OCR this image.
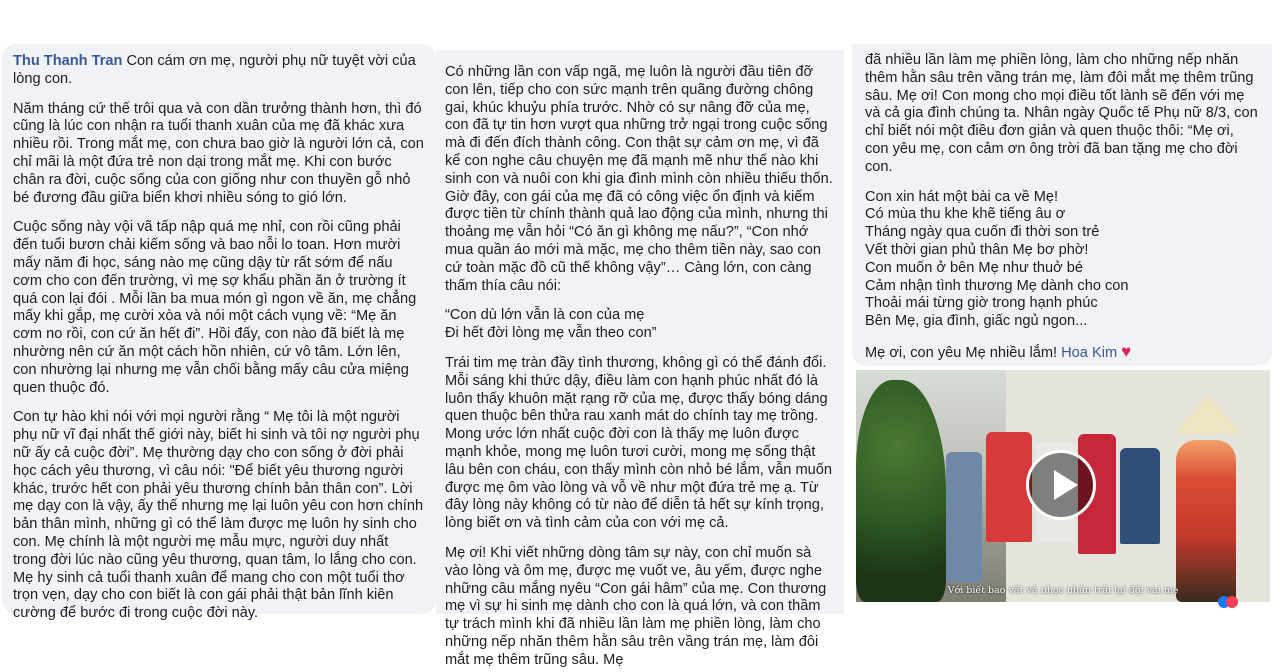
Thu Thanh Tran Con cám ơn mẹ, người phụ nữ tuyệt vời của lòng con.

Năm tháng cứ thế trôi qua và con dần trưởng thành hơn, thì đó cũng là lúc con nhận ra tuổi thanh xuân của mẹ đã khác xưa nhiều rồi. Trong mắt mẹ, con chưa bao giờ là người lớn cả, con chỉ mãi là một đứa trẻ non dại trong mắt mẹ. Khi con bước chân ra đời, cuộc sống của con giống như con thuyền gỗ nhỏ bé đương đầu giữa biển khơi nhiều sóng to gió lớn.

Cuộc sống này vội vã tấp nập quá mẹ nhỉ, con rồi cũng phải đến tuổi bươn chải kiếm sống và bao nỗi lo toan. Hơn mười mấy năm đi học, sáng nào mẹ cũng dậy từ rất sớm để nấu cơm cho con đến trường, vì mẹ sợ khẩu phần ăn ở trường ít quá con lại đói . Mỗi lần ba mua món gì ngon về ăn, mẹ chẳng mấy khi gắp, mẹ cười xòa và nói một cách vụng về: “Mẹ ăn cơm no rồi, con cứ ăn hết đi”. Hồi đấy, con nào đã biết là mẹ nhường nên cứ ăn một cách hồn nhiên, cứ vô tâm. Lớn lên, con nhường lại nhưng mẹ vẫn chối bằng mấy câu cửa miệng quen thuộc đó.

Con tự hào khi nói với mọi người rằng “ Mẹ tôi là một người phụ nữ vĩ đại nhất thế giới này, biết hi sinh và tôi nợ người phụ nữ ấy cả cuộc đời”. Mẹ thường dạy cho con sống ở đời phải học cách yêu thương, vì câu nói: "Để biết yêu thương người khác, trước hết con phải yêu thương chính bản thân con”. Lời mẹ dạy con là vậy, ấy thế nhưng mẹ lại luôn yêu con hơn chính bản thân mình, những gì có thể làm được mẹ luôn hy sinh cho con. Mẹ chính là một người mẹ mẫu mực, người duy nhất trong đời lúc nào cũng yêu thương, quan tâm, lo lắng cho con. Mẹ hy sinh cả tuổi thanh xuân để mang cho con một tuổi thơ trọn vẹn, dạy cho con biết là con gái phải thật bản lĩnh kiên cường để bước đi trong cuộc đời này.

Có những lần con vấp ngã, mẹ luôn là người đầu tiên đỡ con lên, tiếp cho con sức mạnh trên quãng đường chông gai, khúc khuỷu phía trước. Nhờ có sự nâng đỡ của mẹ, con đã tự tin hơn vượt qua những trở ngại trong cuộc sống mà đi đến đích thành công. Con thật sự cảm ơn mẹ, vì đã kể con nghe câu chuyện mẹ đã mạnh mẽ như thế nào khi sinh con và nuôi con khi gia đình mình còn nhiều thiếu thốn. Giờ đây, con gái của mẹ đã có công việc ổn định và kiếm được tiền từ chính thành quả lao động của mình, nhưng thi thoảng mẹ vẫn hỏi “Có ăn gì không mẹ nấu?”, “Con nhớ mua quần áo mới mà mặc, mẹ cho thêm tiền này, sao con cứ toàn mặc đồ cũ thế không vậy”… Càng lớn, con càng thấm thía câu nói:

“Con dù lớn vẫn là con của mẹ
Đi hết đời lòng mẹ vẫn theo con”

Trái tim mẹ tràn đầy tình thương, không gì có thể đánh đổi. Mỗi sáng khi thức dậy, điều làm con hạnh phúc nhất đó là luôn thấy khuôn mặt rạng rỡ của mẹ, được thấy bóng dáng quen thuộc bên thửa rau xanh mát do chính tay mẹ trồng. Mong ước lớn nhất cuộc đời con là thấy mẹ luôn được mạnh khỏe, mong mẹ luôn tươi cười, mong mẹ sống thật lâu bên con cháu, con thấy mình còn nhỏ bé lắm, vẫn muốn được mẹ ôm vào lòng và vỗ về như một đứa trẻ mẹ ạ. Từ đây lòng này không có từ nào để diễn tả hết sự kính trọng, lòng biết ơn và tình cảm của con với mẹ cả.

Mẹ ơi! Khi viết những dòng tâm sự này, con chỉ muốn sà vào lòng và ôm mẹ, được mẹ vuốt ve, âu yếm, được nghe những câu mắng nyêu “Con gái hâm” của mẹ. Con thương mẹ vì sự hi sinh mẹ dành cho con là quá lớn, và con thầm tự trách mình khi đã nhiều lần làm mẹ phiền lòng, làm cho những nếp nhăn thêm hằn sâu trên vầng trán mẹ, làm đôi mắt mẹ thêm trũng sâu. Mẹ

đã nhiều lần làm mẹ phiền lòng, làm cho những nếp nhăn thêm hằn sâu trên vầng trán mẹ, làm đôi mắt mẹ thêm trũng sâu. Mẹ ơi! Con mong cho mọi điều tốt lành sẽ đến với mẹ và cả gia đình chúng ta. Nhân ngày Quốc tế Phụ nữ 8/3, con chỉ biết nói một điều đơn giản và quen thuộc thôi: “Mẹ ơi, con yêu mẹ, con cảm ơn ông trời đã ban tặng mẹ cho đời con.

Con xin hát một bài ca về Mẹ!
Có mùa thu khe khẽ tiếng âu ơ
Tháng ngày qua cuốn đi thời son trẻ
Vết thời gian phủ thân Mẹ bơ phờ!
Con muốn ở bên Mẹ như thuở bé
Cảm nhận tình thương Mẹ dành cho con
Thoải mái từng giờ trong hạnh phúc
Bên Mẹ, gia đình, giấc ngủ ngon...

Mẹ ơi, con yêu Mẹ nhiều lắm! Hoa Kim ♥

Với biết bao vất vả nhọc nhằn trải lại đội vai mẹ
